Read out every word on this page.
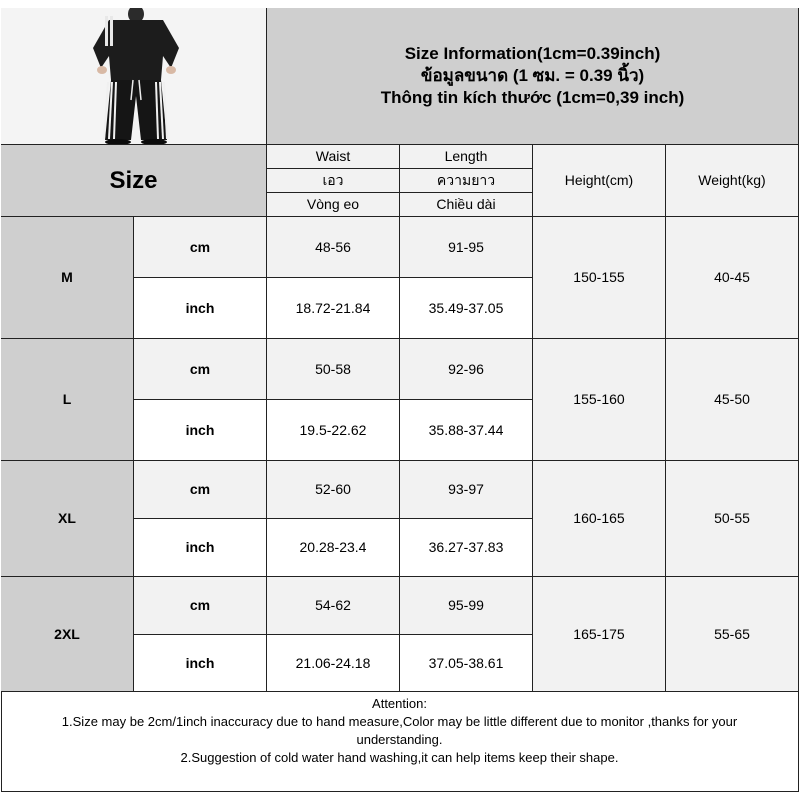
Size Information(1cm=0.39inch)
ข้อมูลขนาด (1 ซม. = 0.39 นิ้ว)
Thông tin kích thước (1cm=0,39 inch)
Size
Waist
เอว
Vòng eo
Length
ความยาว
Chiều dài
Height(cm)	Weight(kg)
M
cm	48-56	91-95
inch	18.72-21.84	35.49-37.05
150-155	40-45
L
cm	50-58	92-96
inch	19.5-22.62	35.88-37.44
155-160	45-50
XL
cm	52-60	93-97
inch	20.28-23.4	36.27-37.83
160-165	50-55
2XL
cm	54-62	95-99
inch	21.06-24.18	37.05-38.61
165-175	55-65
Attention:
1.Size may be 2cm/1inch inaccuracy due to hand measure,Color may be little different due to monitor ,thanks for your
understanding.
2.Suggestion of cold water hand washing,it can help items keep their shape.
